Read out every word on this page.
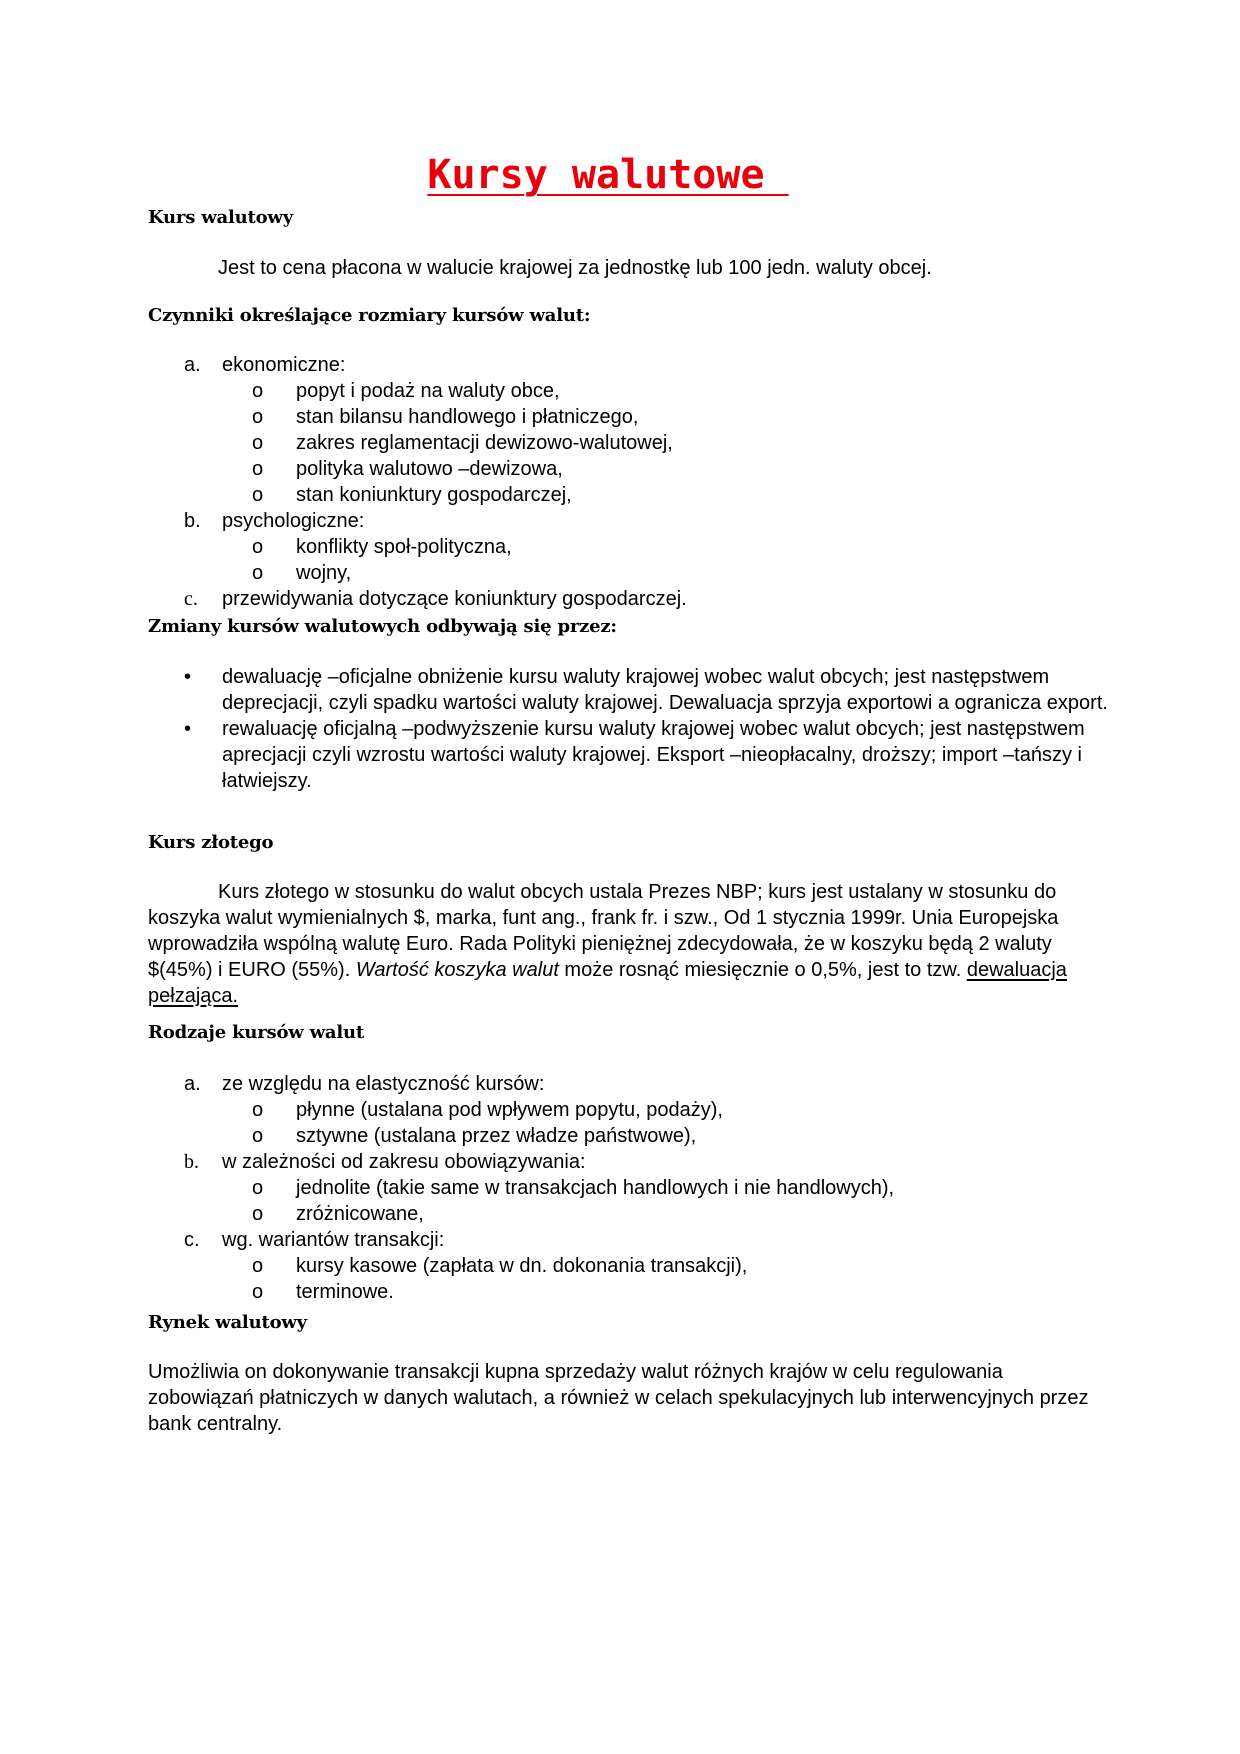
Kursy walutowe
Kurs walutowy
Jest to cena płacona w walucie krajowej za jednostkę lub 100 jedn. waluty obcej.
Czynniki określające rozmiary kursów walut:
a. ekonomiczne:
o popyt i podaż na waluty obce,
o stan bilansu handlowego i płatniczego,
o zakres reglamentacji dewizowo-walutowej,
o polityka walutowo –dewizowa,
o stan koniunktury gospodarczej,
b. psychologiczne:
o konflikty społ-polityczna,
o wojny,
c. przewidywania dotyczące koniunktury gospodarczej.
Zmiany kursów walutowych odbywają się przez:
• dewaluację –oficjalne obniżenie kursu waluty krajowej wobec walut obcych; jest następstwem deprecjacji, czyli spadku wartości waluty krajowej. Dewaluacja sprzyja exportowi a ogranicza export.
• rewaluację oficjalną –podwyższenie kursu waluty krajowej wobec walut obcych; jest następstwem aprecjacji czyli wzrostu wartości waluty krajowej. Eksport –nieopłacalny, droższy; import –tańszy i łatwiejszy.
Kurs złotego
Kurs złotego w stosunku do walut obcych ustala Prezes NBP; kurs jest ustalany w stosunku do koszyka walut wymienialnych $, marka, funt ang., frank fr. i szw., Od 1 stycznia 1999r. Unia Europejska wprowadziła wspólną walutę Euro. Rada Polityki pieniężnej zdecydowała, że w koszyku będą 2 waluty $(45%) i EURO (55%). Wartość koszyka walut może rosnąć miesięcznie o 0,5%, jest to tzw. dewaluacja pełzająca.
Rodzaje kursów walut
a. ze względu na elastyczność kursów:
o płynne (ustalana pod wpływem popytu, podaży),
o sztywne (ustalana przez władze państwowe),
b. w zależności od zakresu obowiązywania:
o jednolite (takie same w transakcjach handlowych i nie handlowych),
o zróżnicowane,
c. wg. wariantów transakcji:
o kursy kasowe (zapłata w dn. dokonania transakcji),
o terminowe.
Rynek walutowy
Umożliwia on dokonywanie transakcji kupna sprzedaży walut różnych krajów w celu regulowania zobowiązań płatniczych w danych walutach, a również w celach spekulacyjnych lub interwencyjnych przez bank centralny.
